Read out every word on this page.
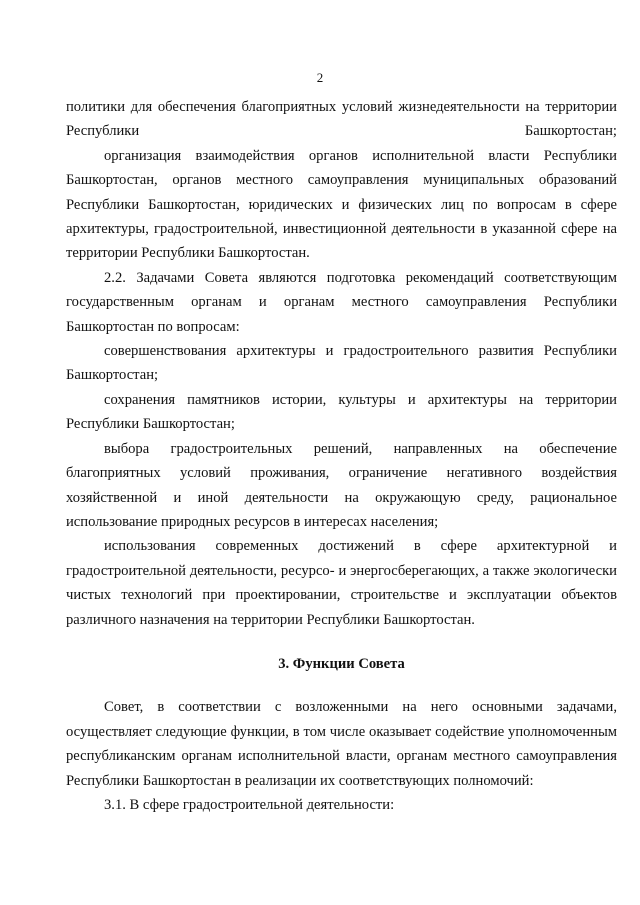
2

политики для обеспечения благоприятных условий жизнедеятельности на территории Республики Башкортостан;

организация взаимодействия органов исполнительной власти Республики Башкортостан, органов местного самоуправления муниципальных образований Республики Башкортостан, юридических и физических лиц по вопросам в сфере архитектуры, градостроительной, инвестиционной деятельности в указанной сфере на территории Республики Башкортостан.

2.2. Задачами Совета являются подготовка рекомендаций соответствующим государственным органам и органам местного самоуправления Республики Башкортостан по вопросам:

совершенствования архитектуры и градостроительного развития Республики Башкортостан;

сохранения памятников истории, культуры и архитектуры на территории Республики Башкортостан;

выбора градостроительных решений, направленных на обеспечение благоприятных условий проживания, ограничение негативного воздействия хозяйственной и иной деятельности на окружающую среду, рациональное использование природных ресурсов в интересах населения;

использования современных достижений в сфере архитектурной и градостроительной деятельности, ресурсо- и энергосберегающих, а также экологически чистых технологий при проектировании, строительстве и эксплуатации объектов различного назначения на территории Республики Башкортостан.

3. Функции Совета

Совет, в соответствии с возложенными на него основными задачами, осуществляет следующие функции, в том числе оказывает содействие уполномоченным республиканским органам исполнительной власти, органам местного самоуправления Республики Башкортостан в реализации их соответствующих полномочий:

3.1. В сфере градостроительной деятельности:
